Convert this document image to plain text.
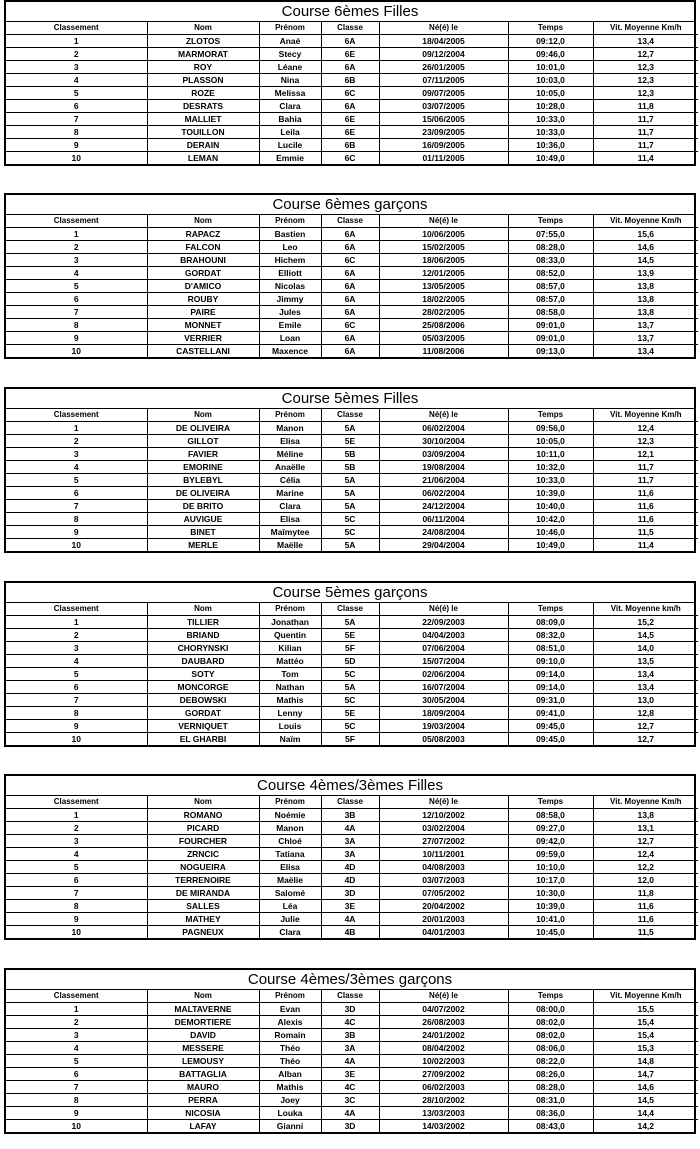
Course 6èmes Filles
Classement	Nom	Prénom	Classe	Né(é) le	Temps	Vit. Moyenne Km/h
1	ZLOTOS	Anaé	6A	18/04/2005	09:12,0	13,4
2	MARMORAT	Stecy	6E	09/12/2004	09:46,0	12,7
3	ROY	Léane	6A	26/01/2005	10:01,0	12,3
4	PLASSON	Nina	6B	07/11/2005	10:03,0	12,3
5	ROZE	Melissa	6C	09/07/2005	10:05,0	12,3
6	DESRATS	Clara	6A	03/07/2005	10:28,0	11,8
7	MALLIET	Bahia	6E	15/06/2005	10:33,0	11,7
8	TOUILLON	Leila	6E	23/09/2005	10:33,0	11,7
9	DERAIN	Lucile	6B	16/09/2005	10:36,0	11,7
10	LEMAN	Emmie	6C	01/11/2005	10:49,0	11,4
Course 6èmes garçons
Classement	Nom	Prénom	Classe	Né(é) le	Temps	Vit. Moyenne Km/h
1	RAPACZ	Bastien	6A	10/06/2005	07:55,0	15,6
2	FALCON	Leo	6A	15/02/2005	08:28,0	14,6
3	BRAHOUNI	Hichem	6C	18/06/2005	08:33,0	14,5
4	GORDAT	Elliott	6A	12/01/2005	08:52,0	13,9
5	D'AMICO	Nicolas	6A	13/05/2005	08:57,0	13,8
6	ROUBY	Jimmy	6A	18/02/2005	08:57,0	13,8
7	PAIRE	Jules	6A	28/02/2005	08:58,0	13,8
8	MONNET	Emile	6C	25/08/2006	09:01,0	13,7
9	VERRIER	Loan	6A	05/03/2005	09:01,0	13,7
10	CASTELLANI	Maxence	6A	11/08/2006	09:13,0	13,4
Course 5èmes Filles
Classement	Nom	Prénom	Classe	Né(é) le	Temps	Vit. Moyenne Km/h
1	DE OLIVEIRA	Manon	5A	06/02/2004	09:56,0	12,4
2	GILLOT	Elisa	5E	30/10/2004	10:05,0	12,3
3	FAVIER	Méline	5B	03/09/2004	10:11,0	12,1
4	EMORINE	Anaëlle	5B	19/08/2004	10:32,0	11,7
5	BYLEBYL	Célia	5A	21/06/2004	10:33,0	11,7
6	DE OLIVEIRA	Marine	5A	06/02/2004	10:39,0	11,6
7	DE BRITO	Clara	5A	24/12/2004	10:40,0	11,6
8	AUVIGUE	Elisa	5C	06/11/2004	10:42,0	11,6
9	BINET	Maîmytee	5C	24/08/2004	10:46,0	11,5
10	MERLE	Maëlle	5A	29/04/2004	10:49,0	11,4
Course 5èmes garçons
Classement	Nom	Prénom	Classe	Né(é) le	Temps	Vit. Moyenne km/h
1	TILLIER	Jonathan	5A	22/09/2003	08:09,0	15,2
2	BRIAND	Quentin	5E	04/04/2003	08:32,0	14,5
3	CHORYNSKI	Kilian	5F	07/06/2004	08:51,0	14,0
4	DAUBARD	Mattéo	5D	15/07/2004	09:10,0	13,5
5	SOTY	Tom	5C	02/06/2004	09:14,0	13,4
6	MONCORGE	Nathan	5A	16/07/2004	09:14,0	13,4
7	DEBOWSKI	Mathis	5C	30/05/2004	09:31,0	13,0
8	GORDAT	Lenny	5E	18/09/2004	09:41,0	12,8
9	VERNIQUET	Louis	5C	19/03/2004	09:45,0	12,7
10	EL GHARBI	Naïm	5F	05/08/2003	09:45,0	12,7
Course 4èmes/3èmes Filles
Classement	Nom	Prénom	Classe	Né(é) le	Temps	Vit. Moyenne Km/h
1	ROMANO	Noémie	3B	12/10/2002	08:58,0	13,8
2	PICARD	Manon	4A	03/02/2004	09:27,0	13,1
3	FOURCHER	Chloé	3A	27/07/2002	09:42,0	12,7
4	ZRNCIC	Tatiana	3A	10/11/2001	09:59,0	12,4
5	NOGUEIRA	Elisa	4D	04/08/2003	10:10,0	12,2
6	TERRENOIRE	Maëlie	4D	03/07/2003	10:17,0	12,0
7	DE MIRANDA	Salomé	3D	07/05/2002	10:30,0	11,8
8	SALLES	Léa	3E	20/04/2002	10:39,0	11,6
9	MATHEY	Julie	4A	20/01/2003	10:41,0	11,6
10	PAGNEUX	Clara	4B	04/01/2003	10:45,0	11,5
Course 4èmes/3èmes garçons
Classement	Nom	Prénom	Classe	Né(é) le	Temps	Vit. Moyenne Km/h
1	MALTAVERNE	Evan	3D	04/07/2002	08:00,0	15,5
2	DEMORTIERE	Alexis	4C	26/08/2003	08:02,0	15,4
3	DAVID	Romain	3B	24/01/2002	08:02,0	15,4
4	MESSERE	Théo	3A	08/04/2002	08:06,0	15,3
5	LEMOUSY	Théo	4A	10/02/2003	08:22,0	14,8
6	BATTAGLIA	Alban	3E	27/09/2002	08:26,0	14,7
7	MAURO	Mathis	4C	06/02/2003	08:28,0	14,6
8	PERRA	Joey	3C	28/10/2002	08:31,0	14,5
9	NICOSIA	Louka	4A	13/03/2003	08:36,0	14,4
10	LAFAY	Gianni	3D	14/03/2002	08:43,0	14,2
